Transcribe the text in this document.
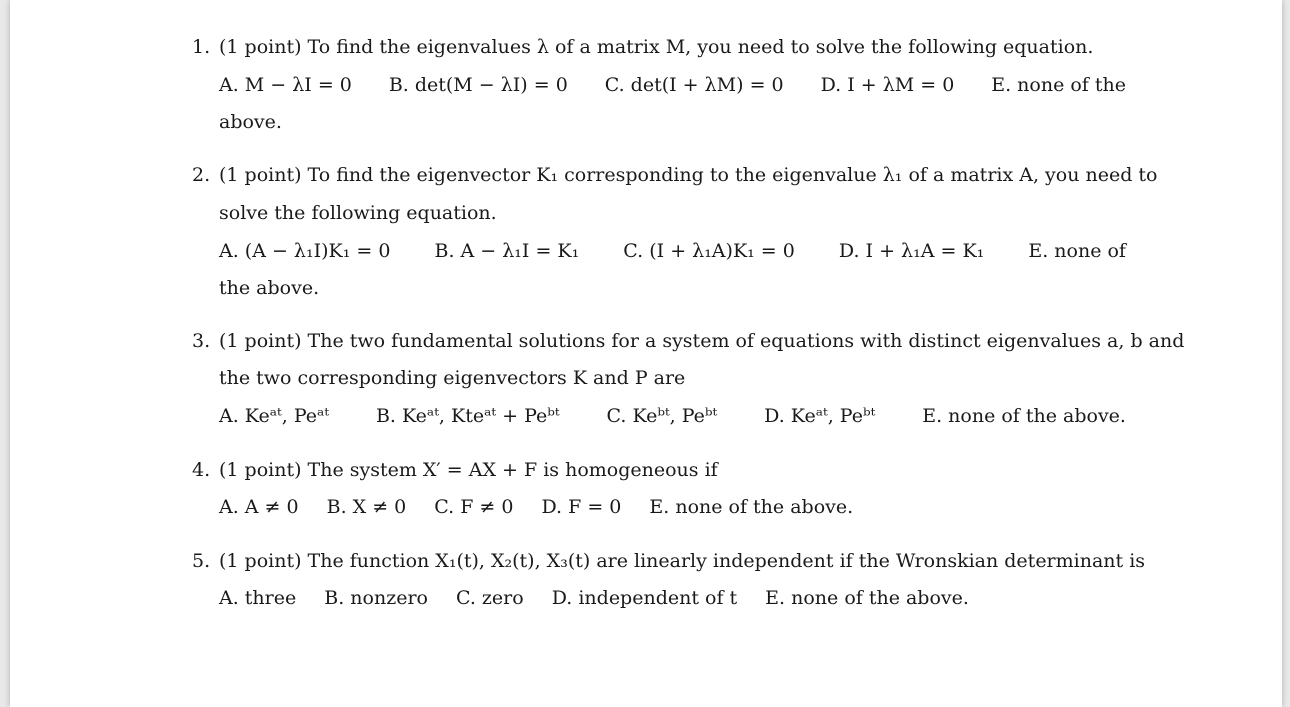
1. (1 point) To find the eigenvalues λ of a matrix M, you need to solve the following equation.
A. M − λI = 0 B. det(M − λI) = 0 C. det(I + λM) = 0 D. I + λM = 0 E. none of the
above.
2. (1 point) To find the eigenvector K₁ corresponding to the eigenvalue λ₁ of a matrix A, you need to
solve the following equation.
A. (A − λ₁I)K₁ = 0 B. A − λ₁I = K₁ C. (I + λ₁A)K₁ = 0 D. I + λ₁A = K₁ E. none of
the above.
3. (1 point) The two fundamental solutions for a system of equations with distinct eigenvalues a, b and
the two corresponding eigenvectors K and P are
A. Keᵃᵗ, Peᵃᵗ B. Keᵃᵗ, Kteᵃᵗ + Peᵇᵗ C. Keᵇᵗ, Peᵇᵗ D. Keᵃᵗ, Peᵇᵗ E. none of the above.
4. (1 point) The system X′ = AX + F is homogeneous if
A. A ≠ 0 B. X ≠ 0 C. F ≠ 0 D. F = 0 E. none of the above.
5. (1 point) The function X₁(t), X₂(t), X₃(t) are linearly independent if the Wronskian determinant is
A. three B. nonzero C. zero D. independent of t E. none of the above.
